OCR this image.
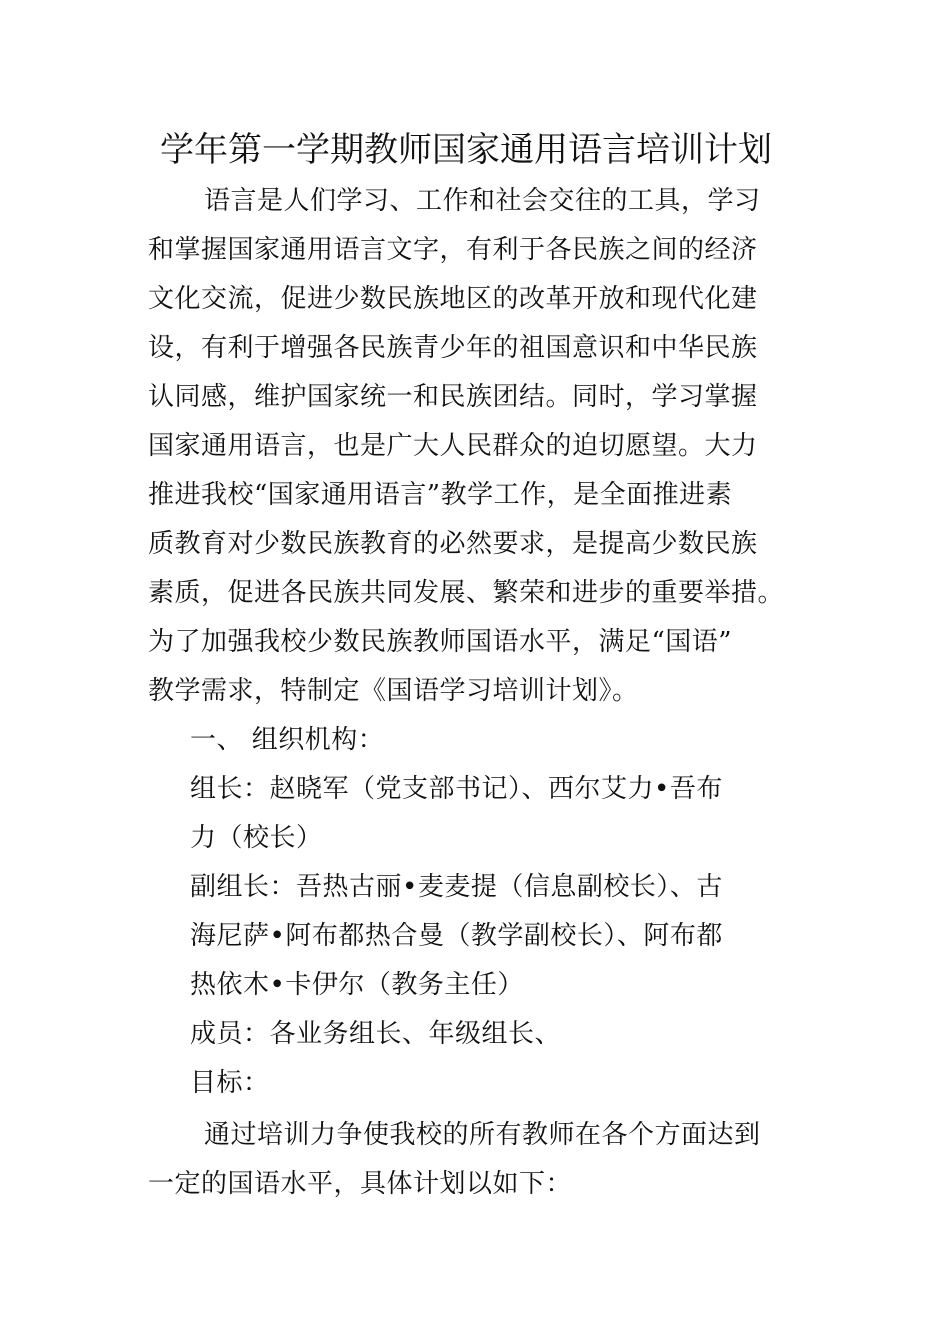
学年第一学期教师国家通用语言培训计划
语言是人们学习、工作和社会交往的工具，学习
和掌握国家通用语言文字，有利于各民族之间的经济
文化交流，促进少数民族地区的改革开放和现代化建
设，有利于增强各民族青少年的祖国意识和中华民族
认同感，维护国家统一和民族团结。同时，学习掌握
国家通用语言，也是广大人民群众的迫切愿望。大力
推进我校“国家通用语言”教学工作，是全面推进素
质教育对少数民族教育的必然要求，是提高少数民族
素质，促进各民族共同发展、繁荣和进步的重要举措。
为了加强我校少数民族教师国语水平，满足“国语”
教学需求，特制定《国语学习培训计划》。
一、 组织机构：
组长：赵晓军（党支部书记）、西尔艾力•吾布
力（校长）
副组长：吾热古丽•麦麦提（信息副校长）、古
海尼萨•阿布都热合曼（教学副校长）、阿布都
热依木•卡伊尔（教务主任）
成员：各业务组长、年级组长、
目标：
通过培训力争使我校的所有教师在各个方面达到
一定的国语水平，具体计划以如下：
